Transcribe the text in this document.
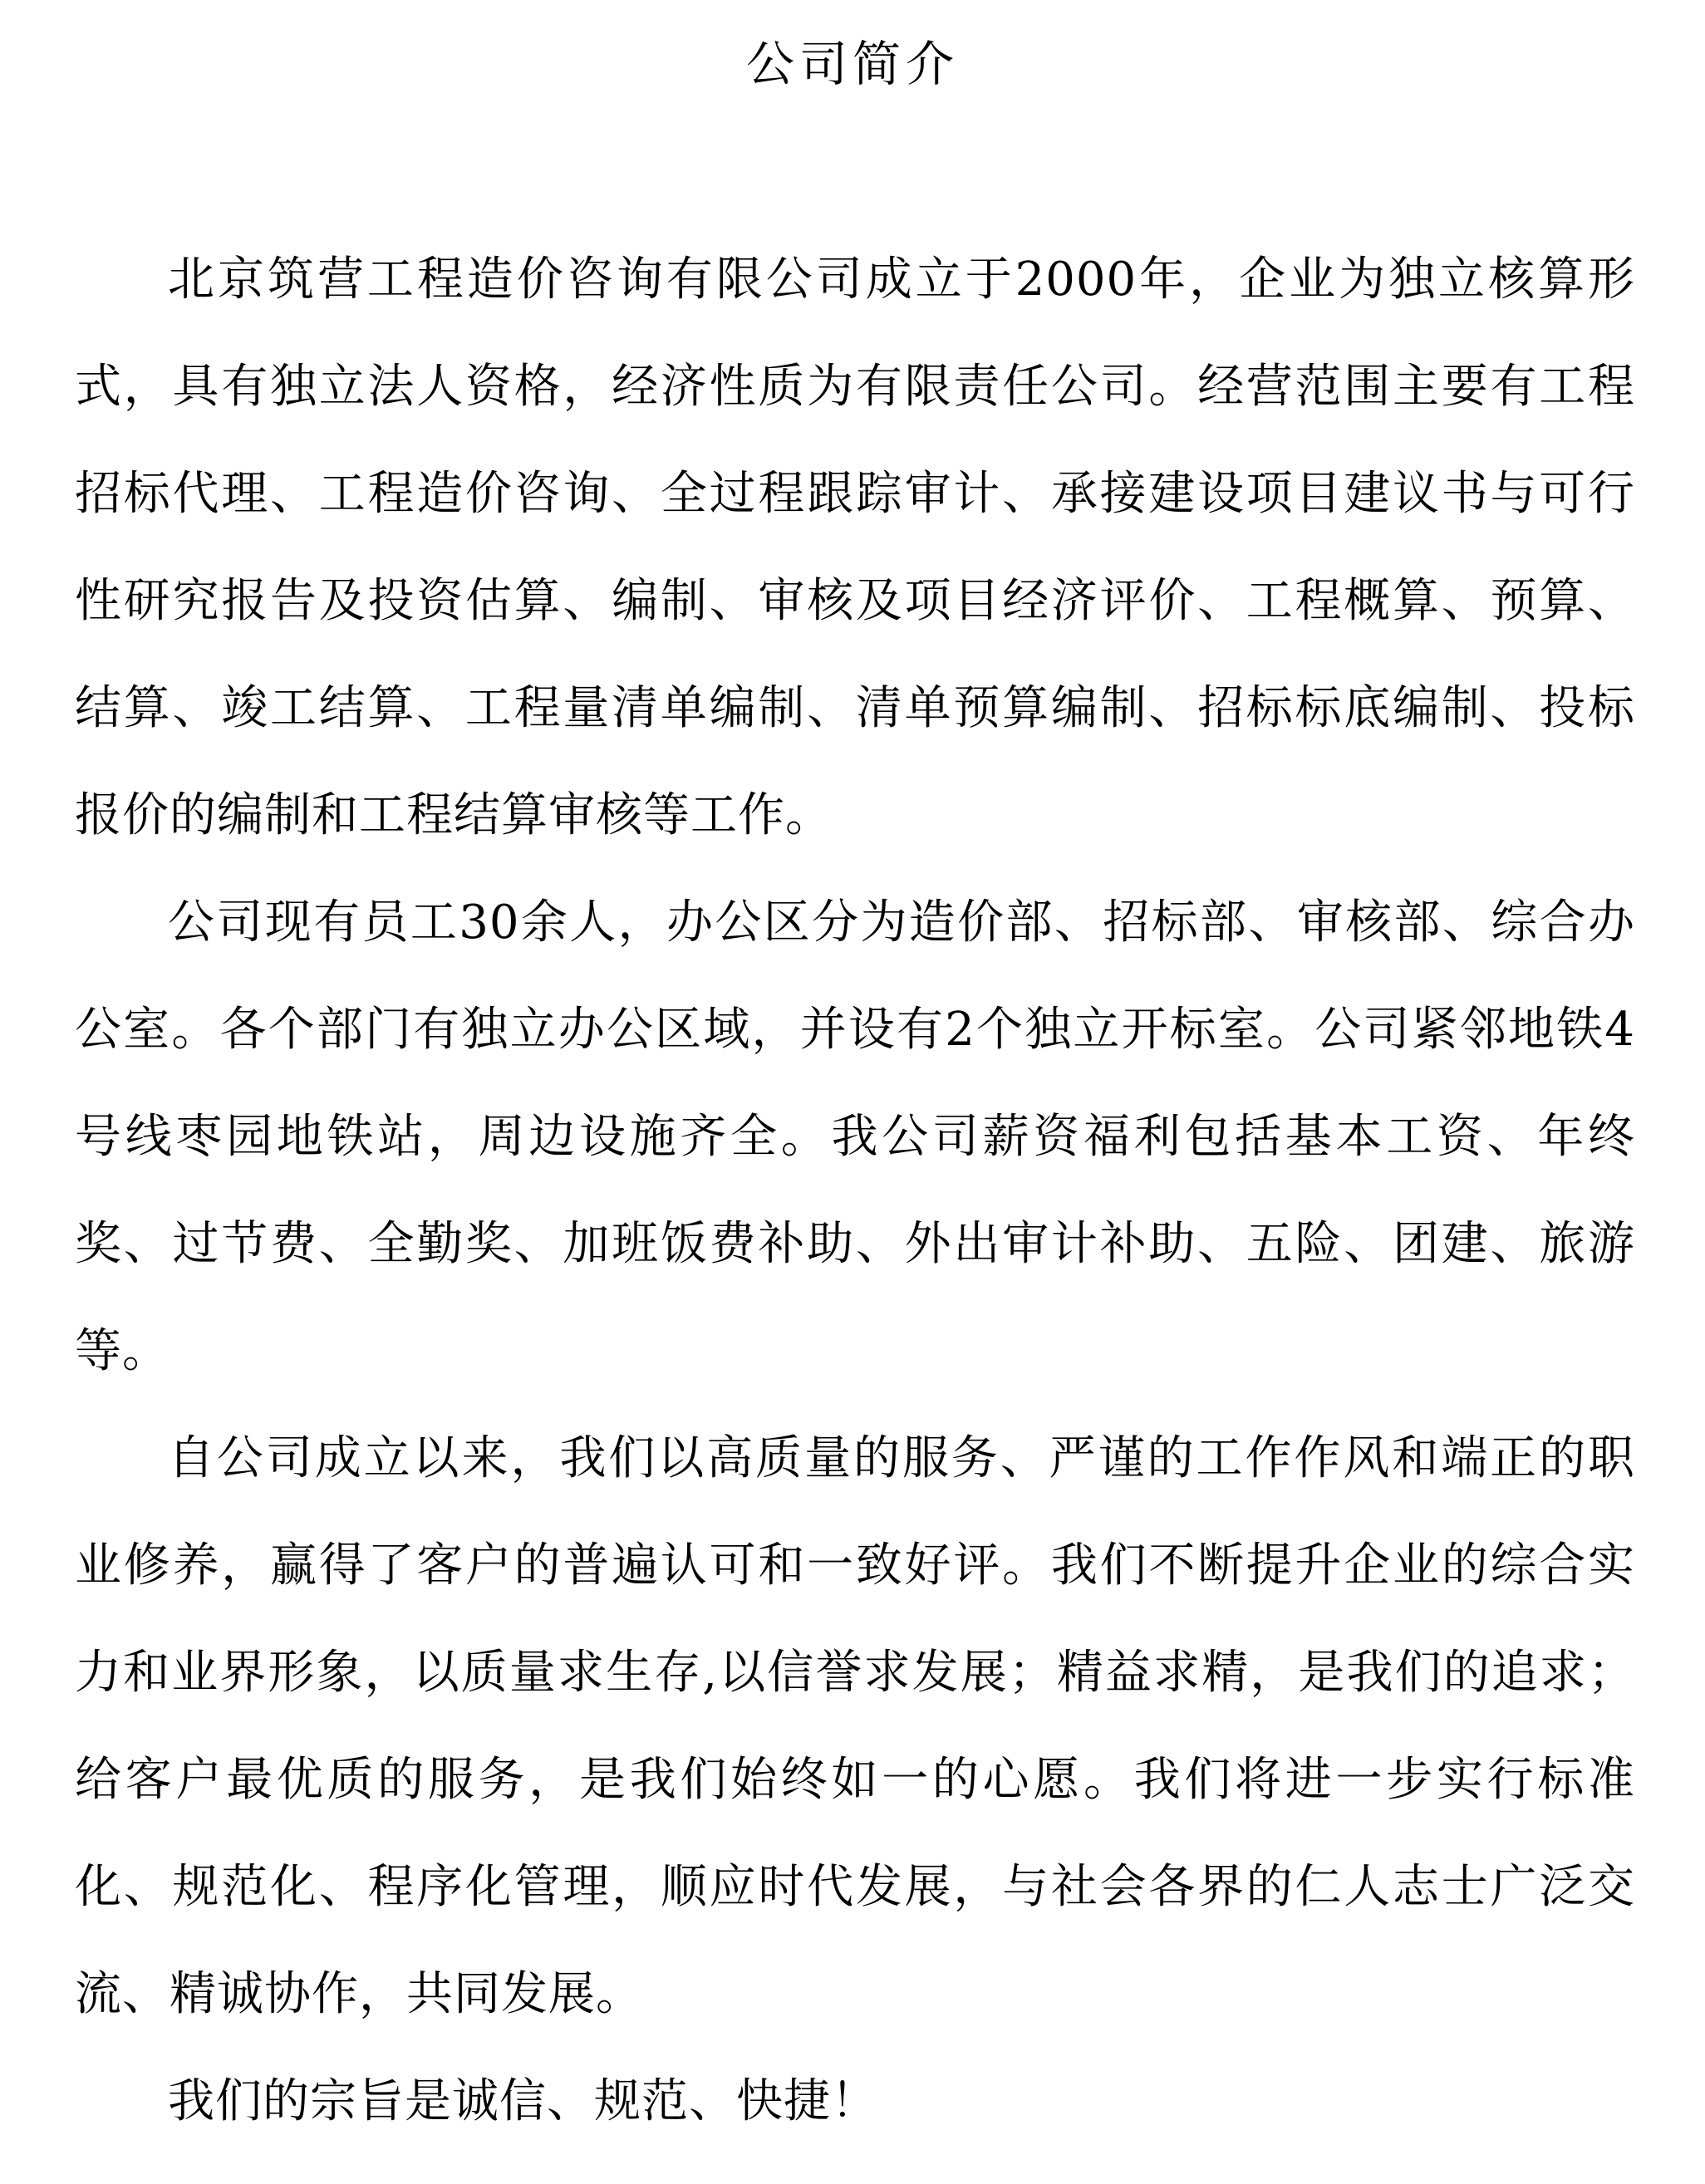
公司简介

北京筑营工程造价咨询有限公司成立于2000年，企业为独立核算形式，具有独立法人资格，经济性质为有限责任公司。经营范围主要有工程招标代理、工程造价咨询、全过程跟踪审计、承接建设项目建议书与可行性研究报告及投资估算、编制、审核及项目经济评价、工程概算、预算、结算、竣工结算、工程量清单编制、清单预算编制、招标标底编制、投标报价的编制和工程结算审核等工作。

公司现有员工30余人，办公区分为造价部、招标部、审核部、综合办公室。各个部门有独立办公区域，并设有2个独立开标室。公司紧邻地铁4号线枣园地铁站，周边设施齐全。我公司薪资福利包括基本工资、年终奖、过节费、全勤奖、加班饭费补助、外出审计补助、五险、团建、旅游等。

自公司成立以来，我们以高质量的服务、严谨的工作作风和端正的职业修养，赢得了客户的普遍认可和一致好评。我们不断提升企业的综合实力和业界形象，以质量求生存,以信誉求发展；精益求精，是我们的追求；给客户最优质的服务，是我们始终如一的心愿。我们将进一步实行标准化、规范化、程序化管理，顺应时代发展，与社会各界的仁人志士广泛交流、精诚协作，共同发展。

我们的宗旨是诚信、规范、快捷！
